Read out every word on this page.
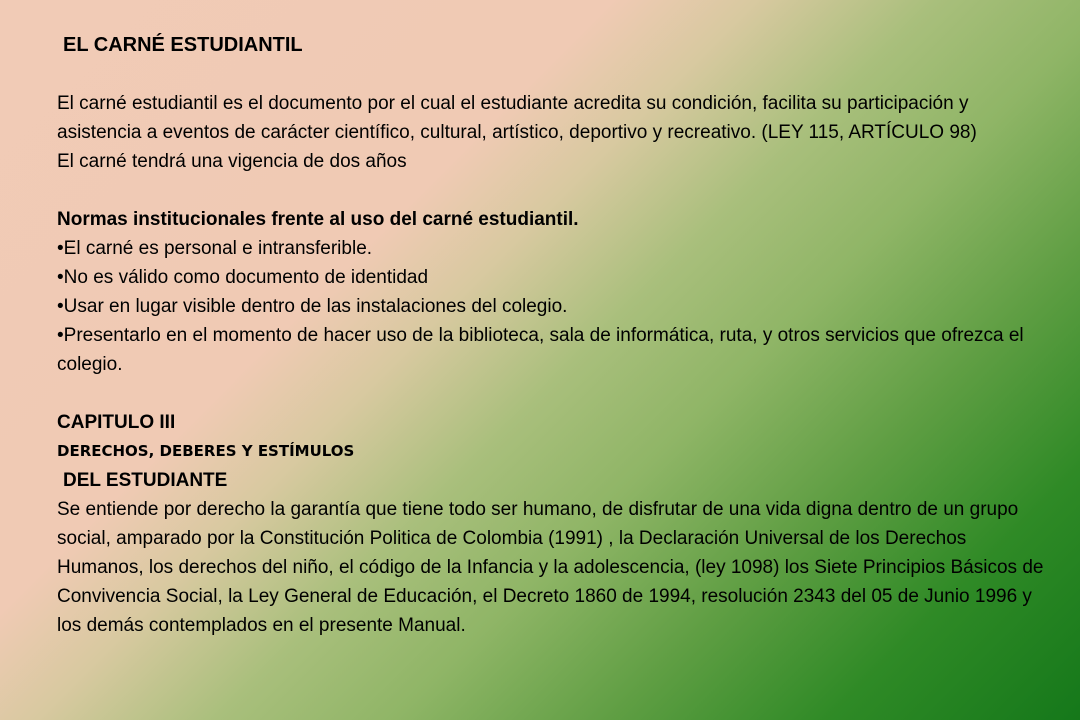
EL CARNÉ ESTUDIANTIL

El carné estudiantil es el documento por el cual el estudiante acredita su condición, facilita su participación y asistencia a eventos de carácter científico, cultural, artístico, deportivo y recreativo. (LEY 115, ARTÍCULO 98)

El carné tendrá una vigencia de dos años

Normas institucionales frente al uso del carné estudiantil.

•El carné es personal e intransferible.

•No es válido como documento de identidad

•Usar en lugar visible dentro de las instalaciones del colegio.

•Presentarlo en el momento de hacer uso de la biblioteca, sala de informática, ruta, y otros servicios que ofrezca el colegio.

CAPITULO III

DERECHOS, DEBERES Y ESTÍMULOS

DEL ESTUDIANTE

Se entiende por derecho la garantía que tiene todo ser humano, de disfrutar de una vida digna dentro de un grupo social, amparado por la Constitución Politica de Colombia (1991) , la Declaración Universal de los Derechos Humanos, los derechos del niño, el código de la Infancia y la adolescencia, (ley 1098) los Siete Principios Básicos de Convivencia Social, la Ley General de Educación, el Decreto 1860 de 1994, resolución 2343 del 05 de Junio 1996 y los demás contemplados en el presente Manual.
